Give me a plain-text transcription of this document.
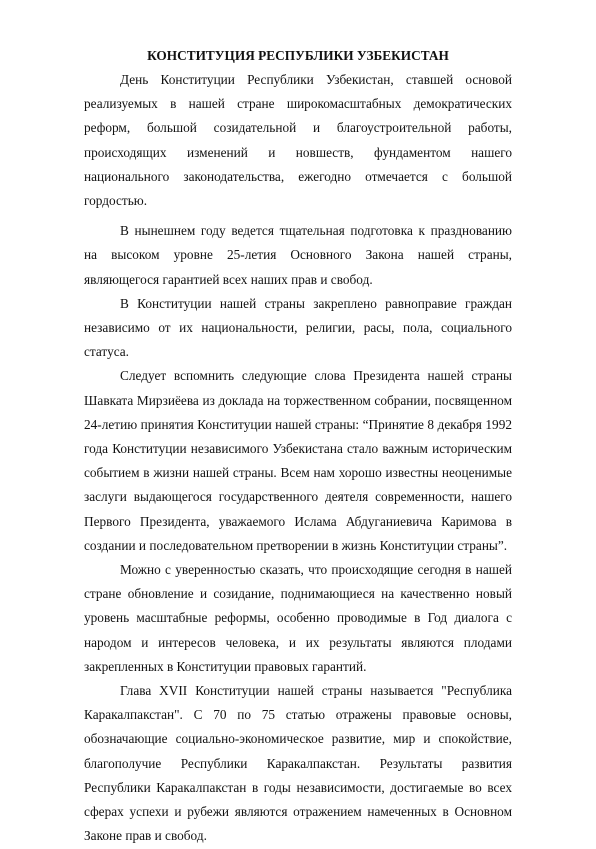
КОНСТИТУЦИЯ РЕСПУБЛИКИ УЗБЕКИСТАН

День Конституции Республики Узбекистан, ставшей основой реализуемых в нашей стране широкомасштабных демократических реформ, большой созидательной и благоустроительной работы, происходящих изменений и новшеств, фундаментом нашего национального законодательства, ежегодно отмечается с большой гордостью.

В нынешнем году ведется тщательная подготовка к празднованию на высоком уровне 25-летия Основного Закона нашей страны, являющегося гарантией всех наших прав и свобод.

В Конституции нашей страны закреплено равноправие граждан независимо от их национальности, религии, расы, пола, социального статуса.

Следует вспомнить следующие слова Президента нашей страны Шавката Мирзиёева из доклада на торжественном собрании, посвященном 24-летию принятия Конституции нашей страны: “Принятие 8 декабря 1992 года Конституции независимого Узбекистана стало важным историческим событием в жизни нашей страны. Всем нам хорошо известны неоценимые заслуги выдающегося государственного деятеля современности, нашего Первого Президента, уважаемого Ислама Абдуганиевича Каримова в создании и последовательном претворении в жизнь Конституции страны”.

Можно с уверенностью сказать, что происходящие сегодня в нашей стране обновление и созидание, поднимающиеся на качественно новый уровень масштабные реформы, особенно проводимые в Год диалога с народом и интересов человека, и их результаты являются плодами закрепленных в Конституции правовых гарантий.

Глава XVII Конституции нашей страны называется "Республика Каракалпакстан". С 70 по 75 статью отражены правовые основы, обозначающие социально-экономическое развитие, мир и спокойствие, благополучие Республики Каракалпакстан. Результаты развития Республики Каракалпакстан в годы независимости, достигаемые во всех сферах успехи и рубежи являются отражением намеченных в Основном Законе прав и свобод.
